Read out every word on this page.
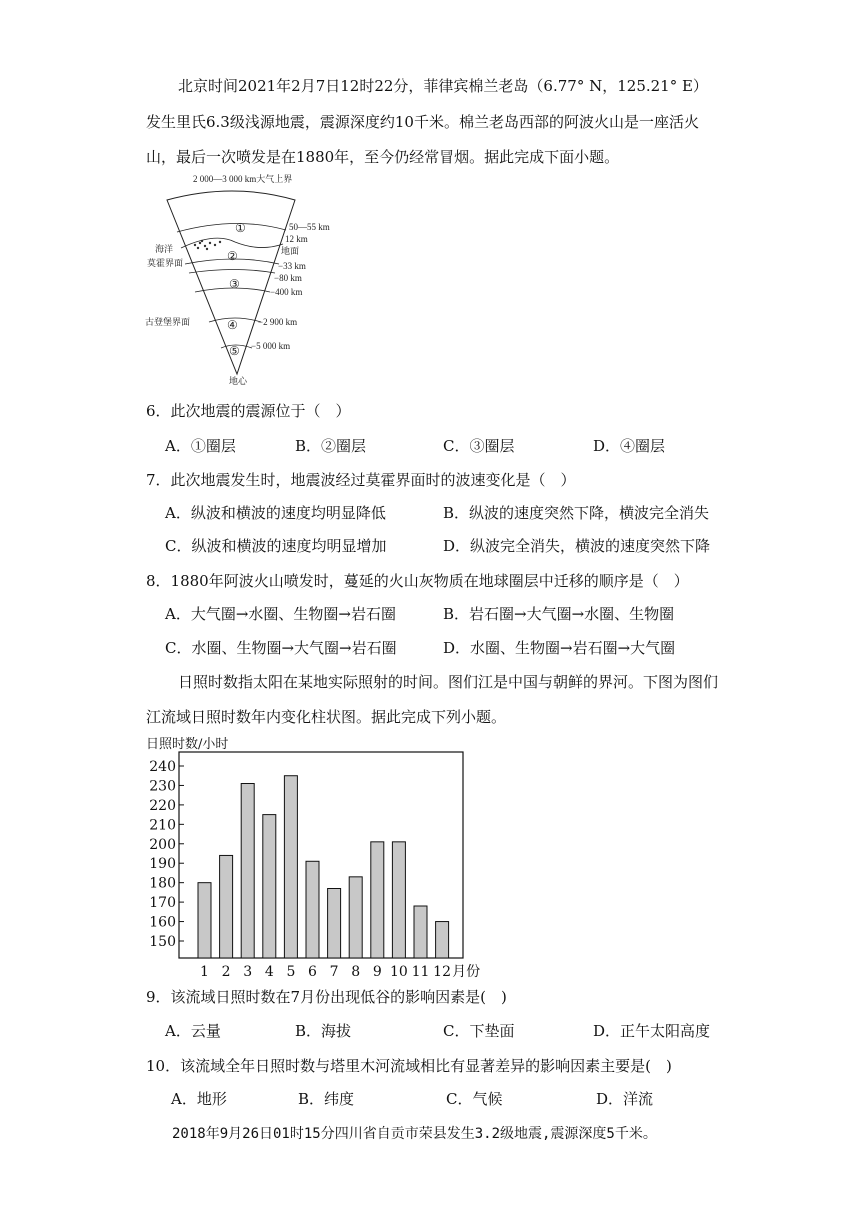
北京时间2021年2月7日12时22分，菲律宾棉兰老岛（6.77° N，125.21° E）
发生里氏6.3级浅源地震，震源深度约10千米。棉兰老岛西部的阿波火山是一座活火
山，最后一次喷发是在1880年，至今仍经常冒烟。据此完成下面小题。
2 000—3 000 km大气上界
①
②
③
④
⑤
海洋
莫霍界面
古登堡界面
50—55 km
12 km
地面
−33 km
−80 km
−400 km
−2 900 km
−5 000 km
地心
6．此次地震的震源位于（　）
A．①圈层	B．②圈层	C．③圈层	D．④圈层
7．此次地震发生时，地震波经过莫霍界面时的波速变化是（　）
A．纵波和横波的速度均明显降低	B．纵波的速度突然下降，横波完全消失
C．纵波和横波的速度均明显增加	D．纵波完全消失，横波的速度突然下降
8．1880年阿波火山喷发时，蔓延的火山灰物质在地球圈层中迁移的顺序是（　）
A．大气圈→水圈、生物圈→岩石圈	B．岩石圈→大气圈→水圈、生物圈
C．水圈、生物圈→大气圈→岩石圈	D．水圈、生物圈→岩石圈→大气圈
日照时数指太阳在某地实际照射的时间。图们江是中国与朝鲜的界河。下图为图们
江流域日照时数年内变化柱状图。据此完成下列小题。
日照时数/小时
150
160
170
180
190
200
210
220
230
240
1 2 3 4 5 6 7 8 9 10 11 12 月份
9．该流域日照时数在7月份出现低谷的影响因素是(　)
A．云量	B．海拔	C．下垫面	D．正午太阳高度
10．该流域全年日照时数与塔里木河流域相比有显著差异的影响因素主要是(　)
A．地形	B．纬度	C．气候	D．洋流
2018年9月26日01时15分四川省自贡市荣县发生3.2级地震,震源深度5千米。
